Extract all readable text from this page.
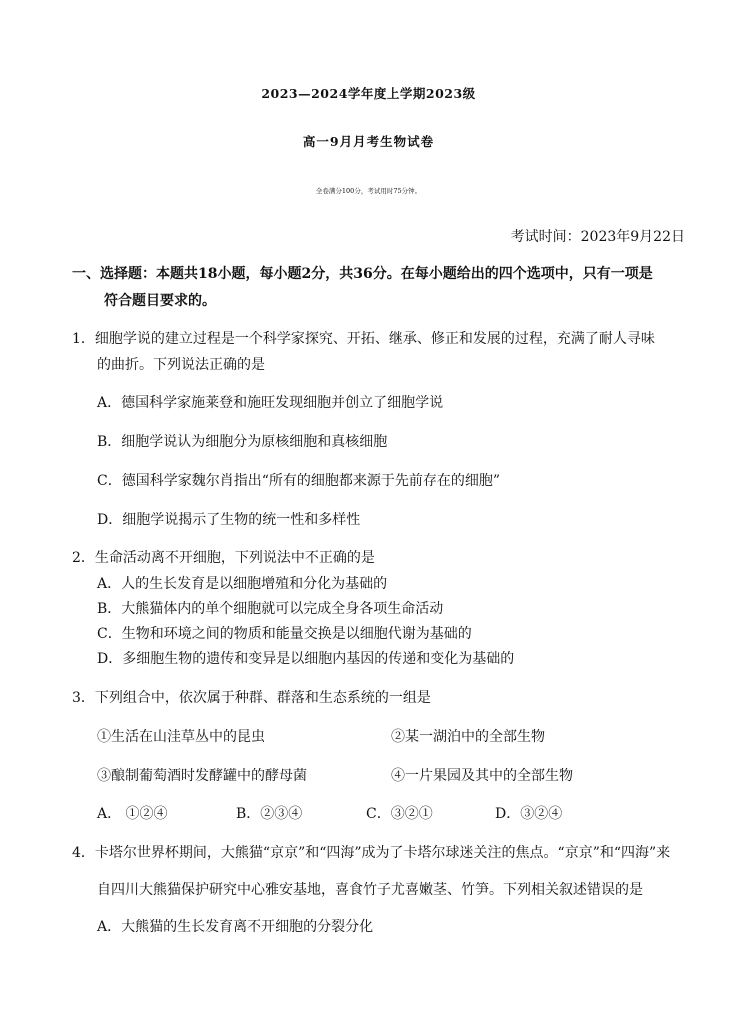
2023—2024学年度上学期2023级
高一9月月考生物试卷
全卷满分100分，考试用时75分钟。
考试时间：2023年9月22日
一、选择题：本题共18小题，每小题2分，共36分。在每小题给出的四个选项中，只有一项是
符合题目要求的。
1．细胞学说的建立过程是一个科学家探究、开拓、继承、修正和发展的过程，充满了耐人寻味
的曲折。下列说法正确的是
A．德国科学家施莱登和施旺发现细胞并创立了细胞学说
B．细胞学说认为细胞分为原核细胞和真核细胞
C．德国科学家魏尔肖指出“所有的细胞都来源于先前存在的细胞”
D．细胞学说揭示了生物的统一性和多样性
2．生命活动离不开细胞，下列说法中不正确的是
A．人的生长发育是以细胞增殖和分化为基础的
B．大熊猫体内的单个细胞就可以完成全身各项生命活动
C．生物和环境之间的物质和能量交换是以细胞代谢为基础的
D．多细胞生物的遗传和变异是以细胞内基因的传递和变化为基础的
3．下列组合中，依次属于种群、群落和生态系统的一组是
①生活在山洼草丛中的昆虫	②某一湖泊中的全部生物
③酿制葡萄酒时发酵罐中的酵母菌	④一片果园及其中的全部生物
A． ①②④	B．②③④	C．③②①	D．③②④
4．卡塔尔世界杯期间，大熊猫“京京”和“四海”成为了卡塔尔球迷关注的焦点。“京京”和“四海”来
自四川大熊猫保护研究中心雅安基地，喜食竹子尤喜嫩茎、竹笋。下列相关叙述错误的是
A．大熊猫的生长发育离不开细胞的分裂分化
